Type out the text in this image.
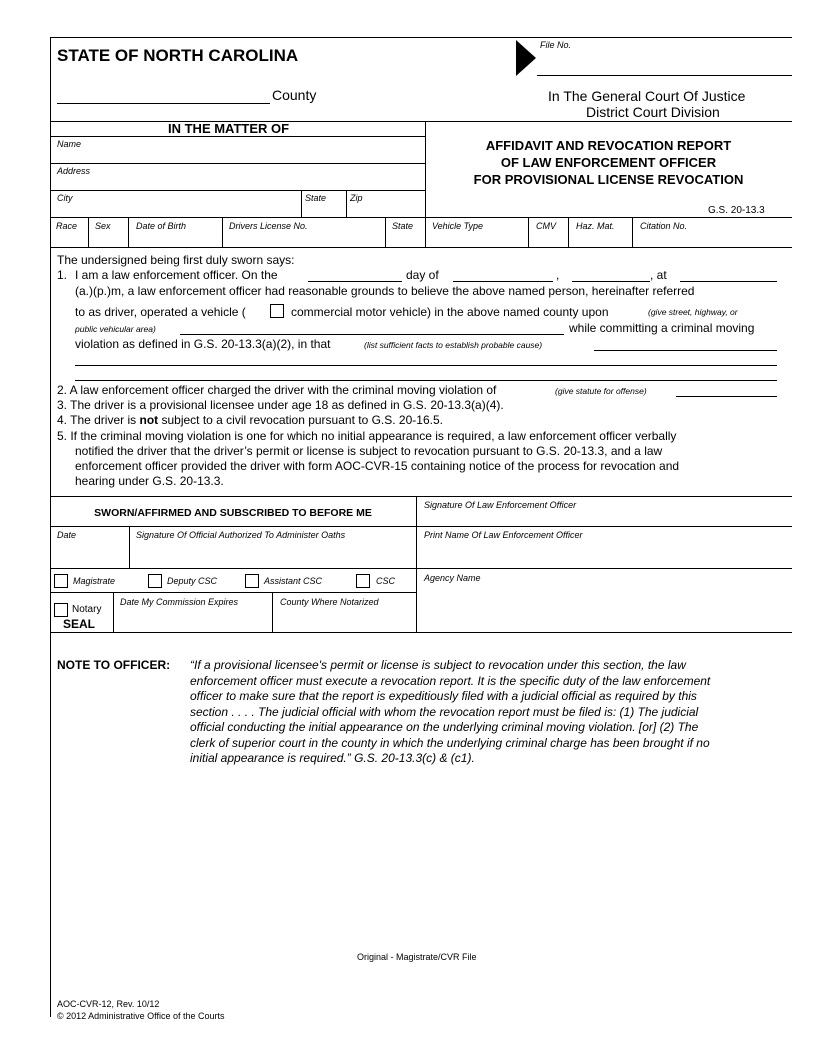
STATE OF NORTH CAROLINA
File No.
County	In The General Court Of Justice
District Court Division
IN THE MATTER OF
Name
Address
City	State	Zip
AFFIDAVIT AND REVOCATION REPORT
OF LAW ENFORCEMENT OFFICER
FOR PROVISIONAL LICENSE REVOCATION
G.S. 20-13.3
Race Sex	Date of Birth	Drivers License No.	State Vehicle Type	CMV Haz. Mat.	Citation No.
The undersigned being first duly sworn says:
1. I am a law enforcement officer. On the	day of	,	, at
(a.)(p.)m, a law enforcement officer had reasonable grounds to believe the above named person, hereinafter referred
to as driver, operated a vehicle (	commercial motor vehicle) in the above named county upon	(give street, highway, or
public vehicular area)	while committing a criminal moving
violation as defined in G.S. 20-13.3(a)(2), in that	(list sufficient facts to establish probable cause)
2. A law enforcement officer charged the driver with the criminal moving violation of	(give statute for offense)
3. The driver is a provisional licensee under age 18 as defined in G.S. 20-13.3(a)(4).
4. The driver is not subject to a civil revocation pursuant to G.S. 20-16.5.
5. If the criminal moving violation is one for which no initial appearance is required, a law enforcement officer verbally
notified the driver that the driver’s permit or license is subject to revocation pursuant to G.S. 20-13.3, and a law
enforcement officer provided the driver with form AOC-CVR-15 containing notice of the process for revocation and
hearing under G.S. 20-13.3.
SWORN/AFFIRMED AND SUBSCRIBED TO BEFORE ME
Date	Signature Of Official Authorized To Administer Oaths
Magistrate	Deputy CSC	Assistant CSC	CSC
Notary
SEAL
Date My Commission Expires	County Where Notarized
Signature Of Law Enforcement Officer
Print Name Of Law Enforcement Officer
Agency Name
NOTE TO OFFICER: “If a provisional licensee's permit or license is subject to revocation under this section, the law
enforcement officer must execute a revocation report. It is the specific duty of the law enforcement
officer to make sure that the report is expeditiously filed with a judicial official as required by this
section . . . . The judicial official with whom the revocation report must be filed is: (1) The judicial
official conducting the initial appearance on the underlying criminal moving violation. [or] (2) The
clerk of superior court in the county in which the underlying criminal charge has been brought if no
initial appearance is required.” G.S. 20-13.3(c) & (c1).
Original - Magistrate/CVR File
AOC-CVR-12, Rev. 10/12
© 2012 Administrative Office of the Courts
